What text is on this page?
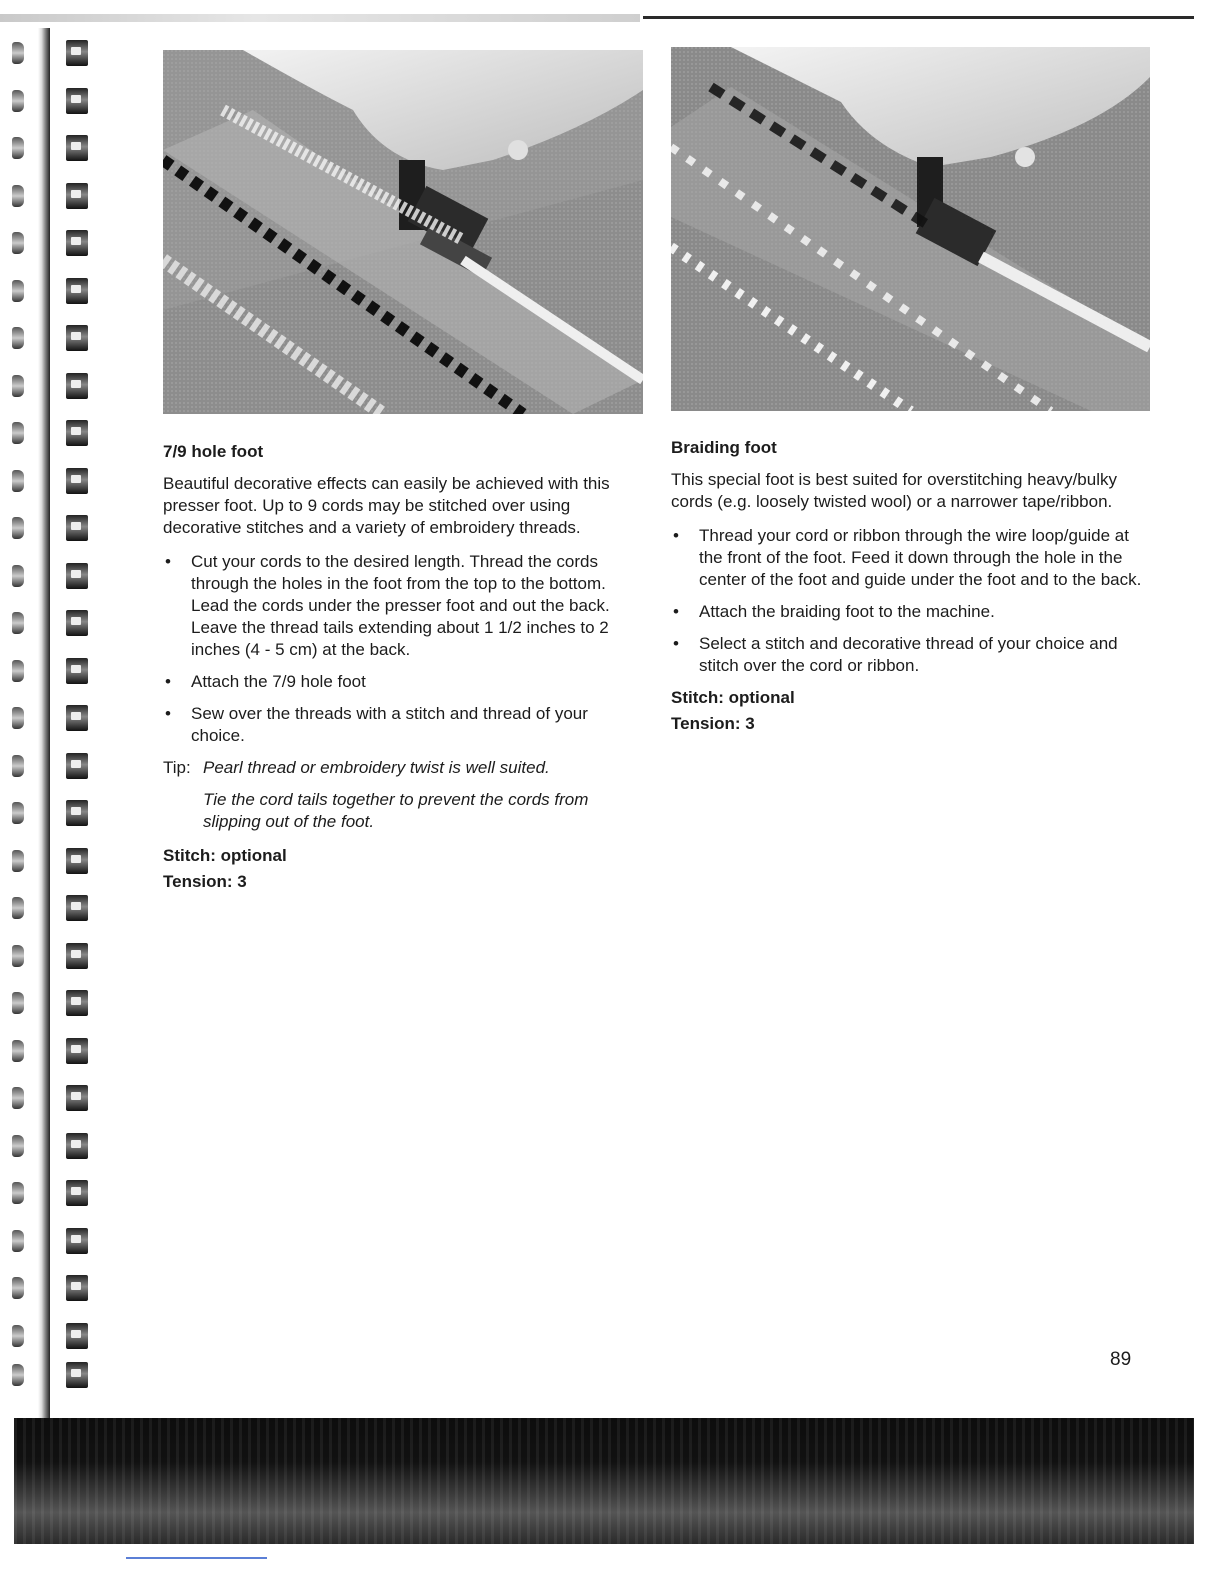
7/9 hole foot

Beautiful decorative effects can easily be achieved with this presser foot. Up to 9 cords may be stitched over using decorative stitches and a variety of embroidery threads.

• Cut your cords to the desired length. Thread the cords through the holes in the foot from the top to the bottom. Lead the cords under the presser foot and out the back. Leave the thread tails extending about 1 1/2 inches to 2 inches (4 - 5 cm) at the back.
• Attach the 7/9 hole foot
• Sew over the threads with a stitch and thread of your choice.
Tip: Pearl thread or embroidery twist is well suited.
Tie the cord tails together to prevent the cords from slipping out of the foot.
Stitch: optional
Tension: 3
Braiding foot

This special foot is best suited for overstitching heavy/bulky cords (e.g. loosely twisted wool) or a narrower tape/ribbon.

• Thread your cord or ribbon through the wire loop/guide at the front of the foot. Feed it down through the hole in the center of the foot and guide under the foot and to the back.
• Attach the braiding foot to the machine.
• Select a stitch and decorative thread of your choice and stitch over the cord or ribbon.
Stitch: optional
Tension: 3
89
